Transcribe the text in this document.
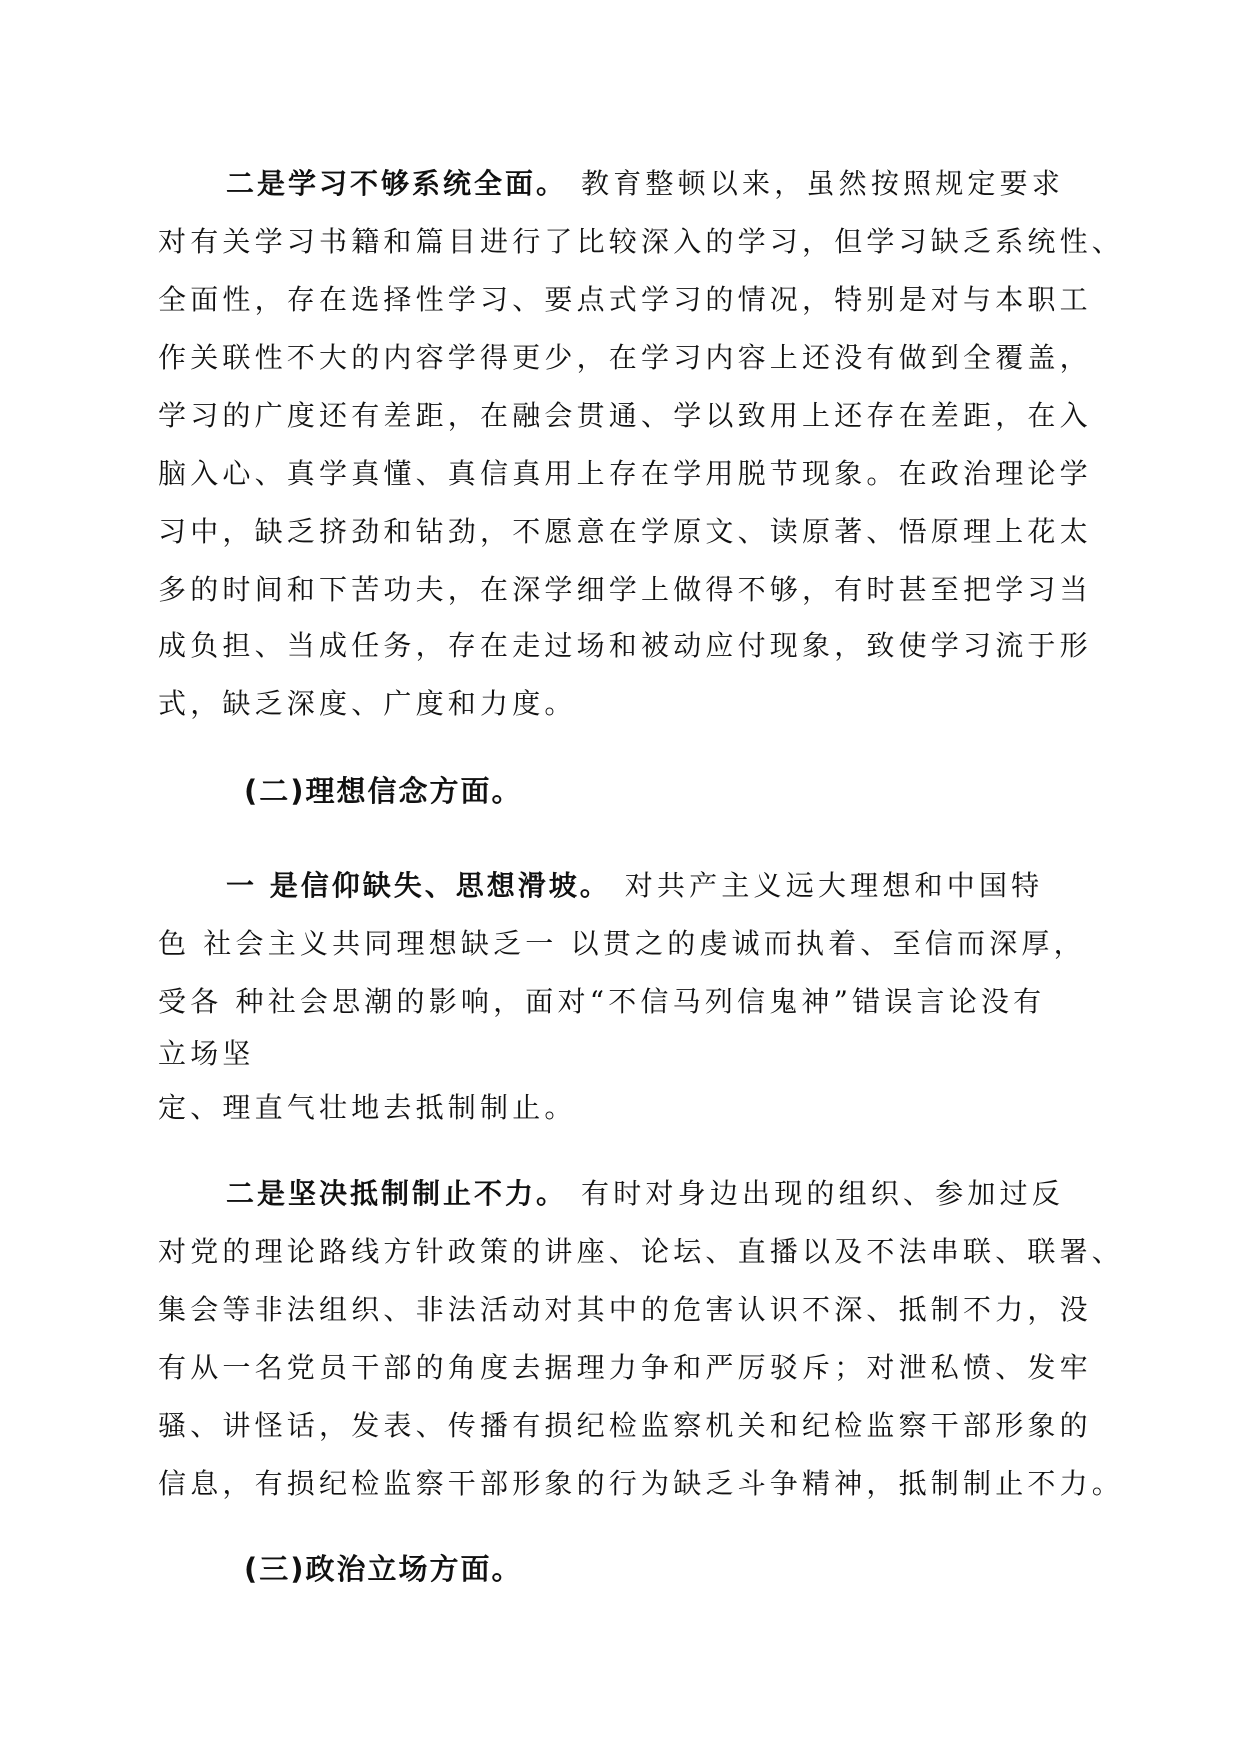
二是学习不够系统全面。 教育整顿以来，虽然按照规定要求
对有关学习书籍和篇目进行了比较深入的学习，但学习缺乏系统性、
全面性，存在选择性学习、要点式学习的情况，特别是对与本职工
作关联性不大的内容学得更少，在学习内容上还没有做到全覆盖，
学习的广度还有差距，在融会贯通、学以致用上还存在差距，在入
脑入心、真学真懂、真信真用上存在学用脱节现象。在政治理论学
习中，缺乏挤劲和钻劲，不愿意在学原文、读原著、悟原理上花太
多的时间和下苦功夫，在深学细学上做得不够，有时甚至把学习当
成负担、当成任务，存在走过场和被动应付现象，致使学习流于形
式，缺乏深度、广度和力度。
(二)理想信念方面。
一 是信仰缺失、思想滑坡。 对共产主义远大理想和中国特
色 社会主义共同理想缺乏一 以贯之的虔诚而执着、至信而深厚，
受各 种社会思潮的影响，面对“不信马列信鬼神”错误言论没有
立场坚
定、理直气壮地去抵制制止。
二是坚决抵制制止不力。 有时对身边出现的组织、参加过反
对党的理论路线方针政策的讲座、论坛、直播以及不法串联、联署、
集会等非法组织、非法活动对其中的危害认识不深、抵制不力，没
有从一名党员干部的角度去据理力争和严厉驳斥；对泄私愤、发牢
骚、讲怪话，发表、传播有损纪检监察机关和纪检监察干部形象的
信息，有损纪检监察干部形象的行为缺乏斗争精神，抵制制止不力。
(三)政治立场方面。
